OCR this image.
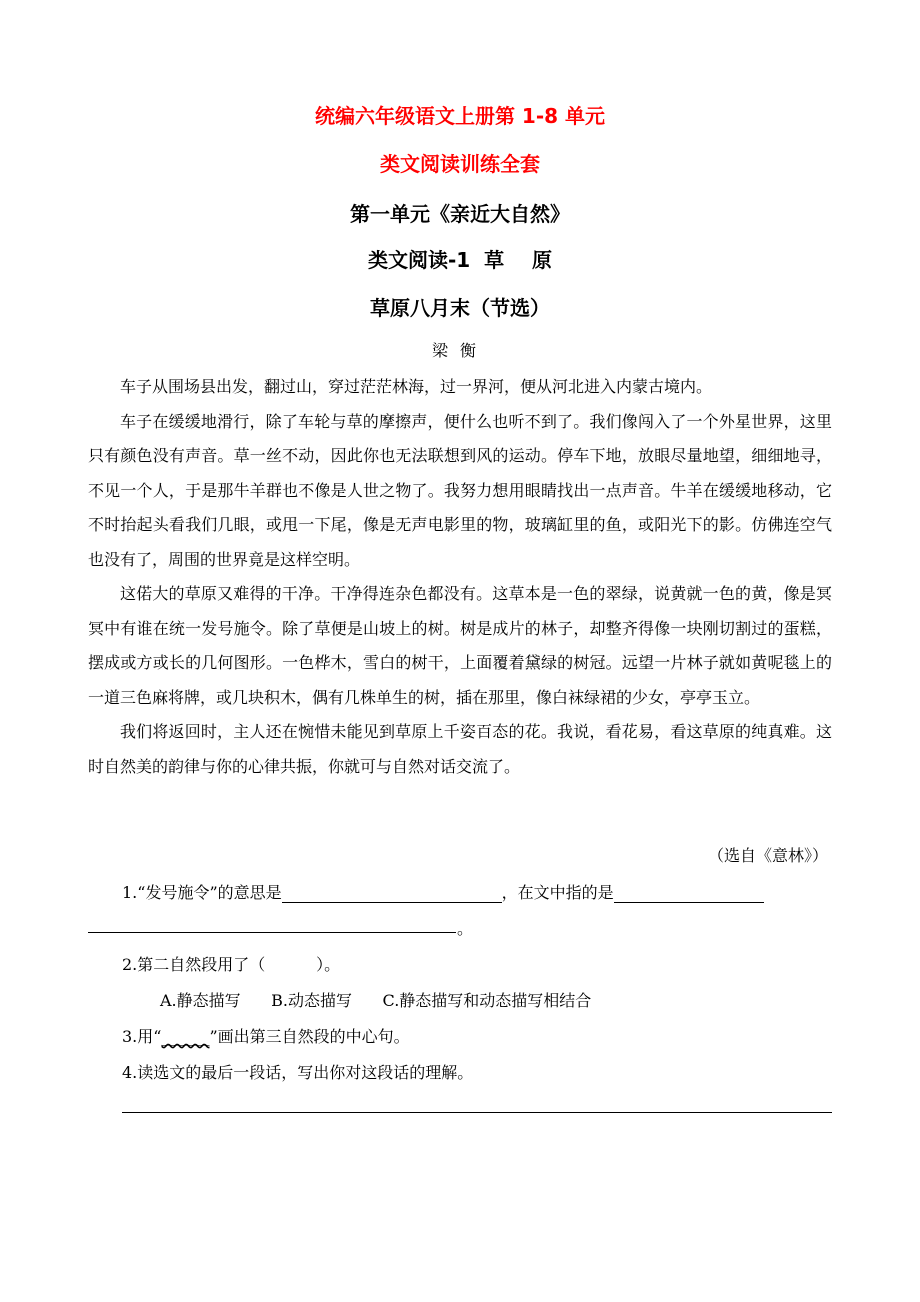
统编六年级语文上册第 1-8 单元
类文阅读训练全套
第一单元《亲近大自然》
类文阅读-1  草    原
草原八月末（节选）
梁衡

车子从围场县出发，翻过山，穿过茫茫林海，过一界河，便从河北进入内蒙古境内。

车子在缓缓地滑行，除了车轮与草的摩擦声，便什么也听不到了。我们像闯入了一个外星世界，这里只有颜色没有声音。草一丝不动，因此你也无法联想到风的运动。停车下地，放眼尽量地望，细细地寻，不见一个人，于是那牛羊群也不像是人世之物了。我努力想用眼睛找出一点声音。牛羊在缓缓地移动，它不时抬起头看我们几眼，或甩一下尾，像是无声电影里的物，玻璃缸里的鱼，或阳光下的影。仿佛连空气也没有了，周围的世界竟是这样空明。

这偌大的草原又难得的干净。干净得连杂色都没有。这草本是一色的翠绿，说黄就一色的黄，像是冥冥中有谁在统一发号施令。除了草便是山坡上的树。树是成片的林子，却整齐得像一块刚切割过的蛋糕，摆成或方或长的几何图形。一色桦木，雪白的树干，上面覆着黛绿的树冠。远望一片林子就如黄呢毯上的一道三色麻将牌，或几块积木，偶有几株单生的树，插在那里，像白袜绿裙的少女，亭亭玉立。

我们将返回时，主人还在惋惜未能见到草原上千姿百态的花。我说，看花易，看这草原的纯真难。这时自然美的韵律与你的心律共振，你就可与自然对话交流了。

（选自《意林》）
1.“发号施令”的意思是	，在文中指的是
。
2.第二自然段用了（          ）。
A.静态描写      B.动态描写      C.静态描写和动态描写相结合
3.用“______”画出第三自然段的中心句。
4.读选文的最后一段话，写出你对这段话的理解。
